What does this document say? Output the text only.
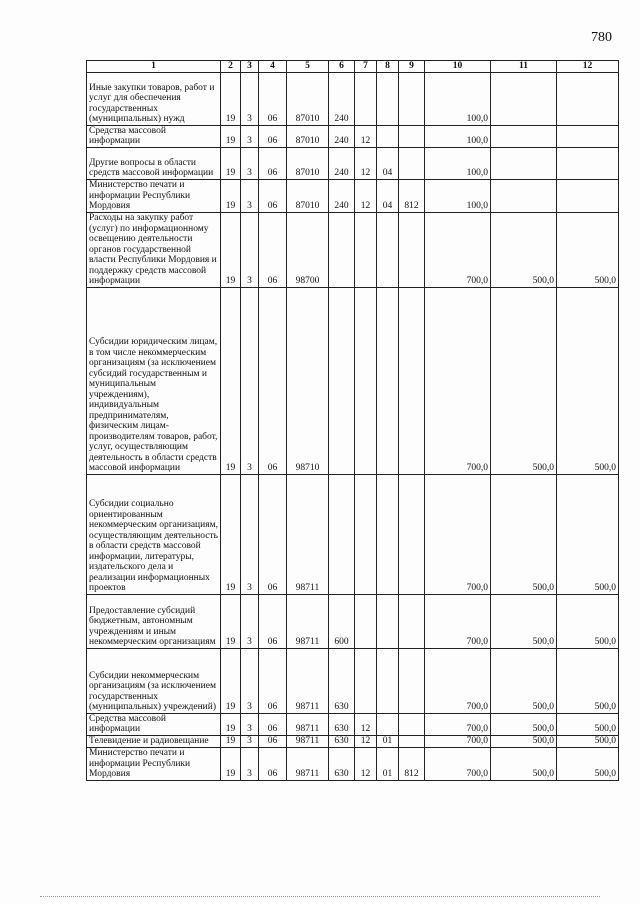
780
1	2	3	4	5	6	7	8	9	10	11	12
Иные закупки товаров, работ и услуг для обеспечения государственных (муниципальных) нужд	19	3	06	87010	240				100,0		
Средства массовой информации	19	3	06	87010	240	12			100,0		
Другие вопросы в области средств массовой информации	19	3	06	87010	240	12	04		100,0		
Министерство печати и информации Республики Мордовия	19	3	06	87010	240	12	04	812	100,0		
Расходы на закупку работ (услуг) по информационному освещению деятельности органов государственной власти Республики Мордовия и поддержку средств массовой информации	19	3	06	98700					700,0	500,0	500,0
Субсидии юридическим лицам, в том числе некоммерческим организациям (за исключением субсидий государственным и муниципальным учреждениям), индивидуальным предпринимателям, физическим лицам-производителям товаров, работ, услуг, осуществляющим деятельность в области средств массовой информации	19	3	06	98710					700,0	500,0	500,0
Субсидии социально ориентированным некоммерческим организациям, осуществляющим деятельность в области средств массовой информации, литературы, издательского дела и реализации информационных проектов	19	3	06	98711					700,0	500,0	500,0
Предоставление субсидий бюджетным, автономным учреждениям и иным некоммерческим организациям	19	3	06	98711	600				700,0	500,0	500,0
Субсидии некоммерческим организациям (за исключением государственных (муниципальных) учреждений)	19	3	06	98711	630				700,0	500,0	500,0
Средства массовой информации	19	3	06	98711	630	12			700,0	500,0	500,0
Телевидение и радиовещание	19	3	06	98711	630	12	01		700,0	500,0	500,0
Министерство печати и информации Республики Мордовия	19	3	06	98711	630	12	01	812	700,0	500,0	500,0
